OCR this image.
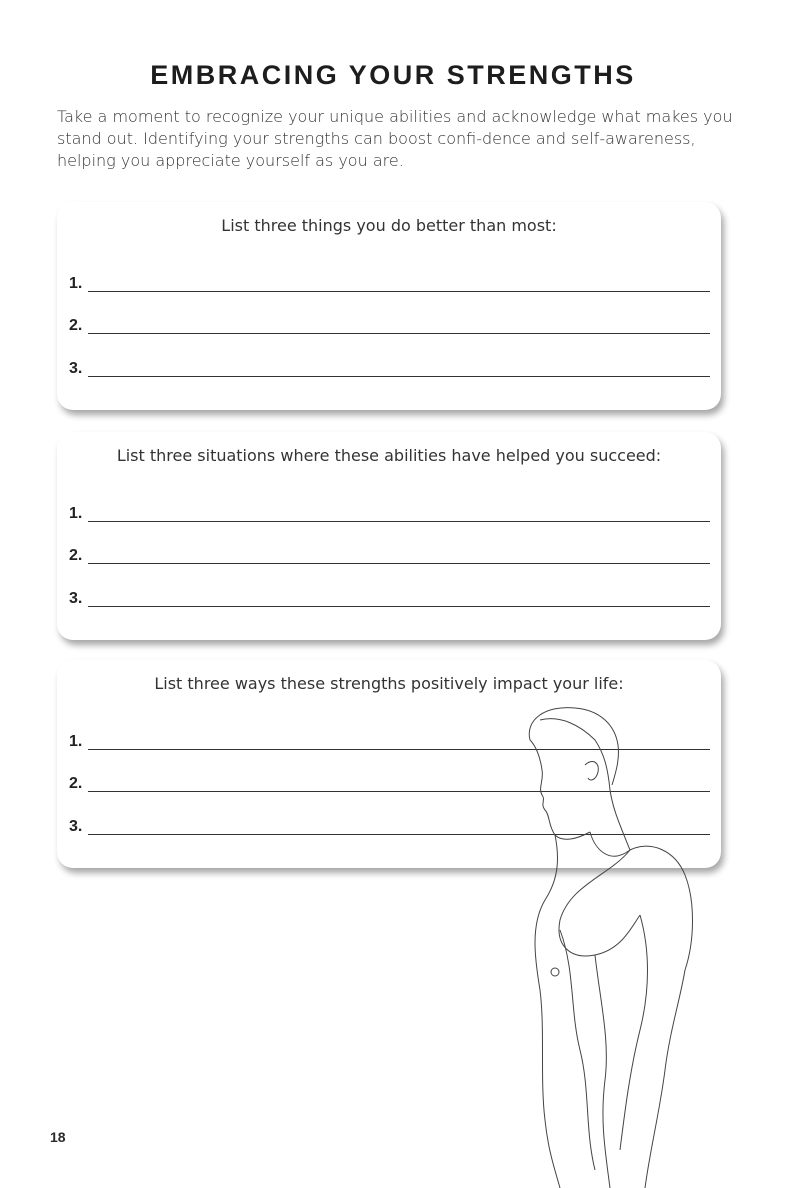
EMBRACING YOUR STRENGTHS
Take a moment to recognize your unique abilities and acknowledge what makes you stand out. Identifying your strengths can boost confi-dence and self-awareness, helping you appreciate yourself as you are.
List three things you do better than most:
1.
2.
3.
List three situations where these abilities have helped you succeed:
1.
2.
3.
List three ways these strengths positively impact your life:
1.
2.
3.
18
